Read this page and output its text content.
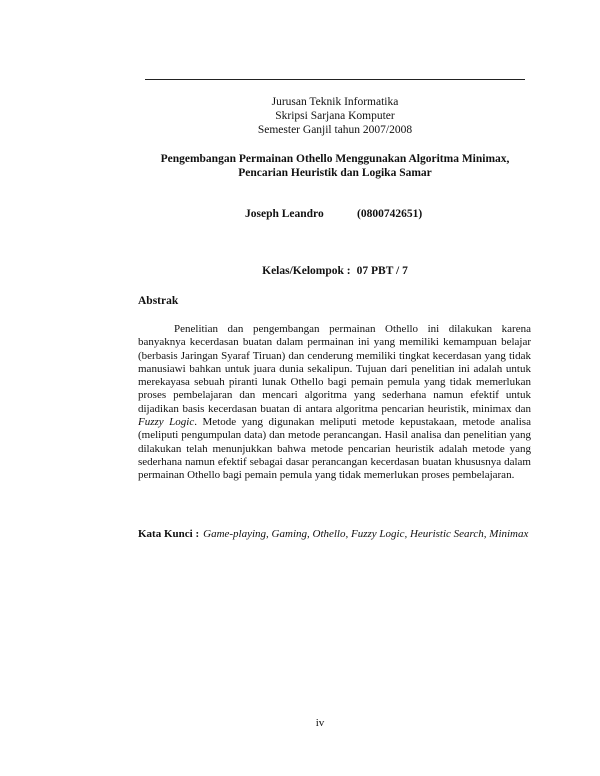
Jurusan Teknik Informatika
Skripsi Sarjana Komputer
Semester Ganjil tahun 2007/2008
Pengembangan Permainan Othello Menggunakan Algoritma Minimax,
Pencarian Heuristik dan Logika Samar
Joseph Leandro	(0800742651)
Kelas/Kelompok : 07 PBT / 7
Abstrak

Penelitian dan pengembangan permainan Othello ini dilakukan karena banyaknya kecerdasan buatan dalam permainan ini yang memiliki kemampuan belajar (berbasis Jaringan Syaraf Tiruan) dan cenderung memiliki tingkat kecerdasan yang tidak manusiawi bahkan untuk juara dunia sekalipun. Tujuan dari penelitian ini adalah untuk merekayasa sebuah piranti lunak Othello bagi pemain pemula yang tidak memerlukan proses pembelajaran dan mencari algoritma yang sederhana namun efektif untuk dijadikan basis kecerdasan buatan di antara algoritma pencarian heuristik, minimax dan Fuzzy Logic. Metode yang digunakan meliputi metode kepustakaan, metode analisa (meliputi pengumpulan data) dan metode perancangan. Hasil analisa dan penelitian yang dilakukan telah menunjukkan bahwa metode pencarian heuristik adalah metode yang sederhana namun efektif sebagai dasar perancangan kecerdasan buatan khususnya dalam permainan Othello bagi pemain pemula yang tidak memerlukan proses pembelajaran.

Kata Kunci : Game-playing, Gaming, Othello, Fuzzy Logic, Heuristic Search, Minimax
iv
